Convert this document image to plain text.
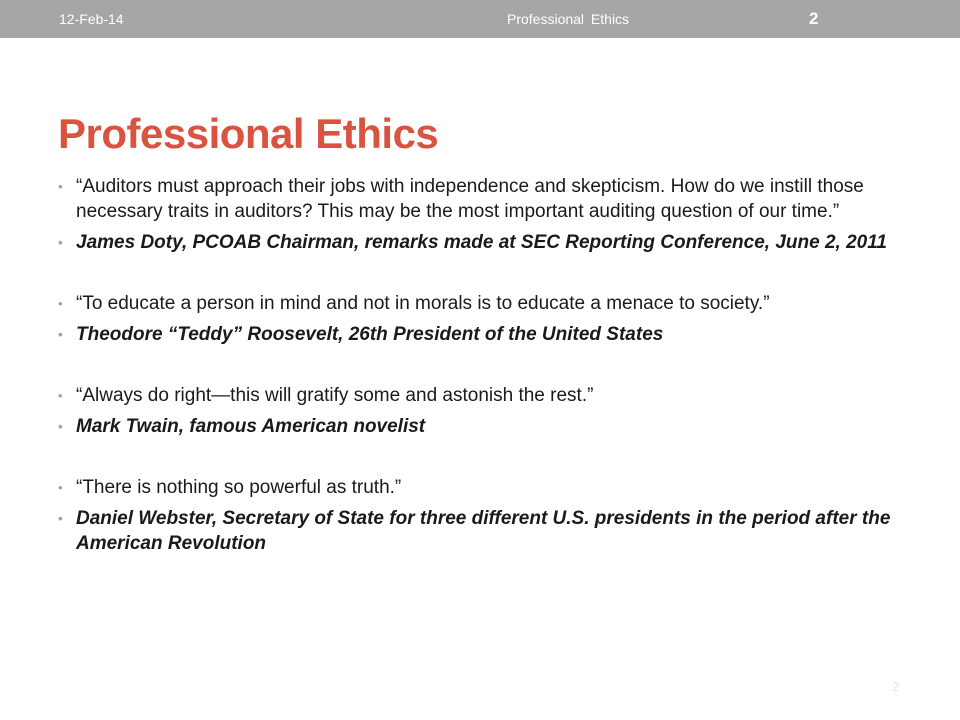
12-Feb-14	Professional Ethics	2
Professional Ethics
• “Auditors must approach their jobs with independence and skepticism. How do we instill those necessary traits in auditors? This may be the most important auditing question of our time.”
• James Doty, PCOAB Chairman, remarks made at SEC Reporting Conference, June 2, 2011
• “To educate a person in mind and not in morals is to educate a menace to society.”
• Theodore “Teddy” Roosevelt, 26th President of the United States
• “Always do right—this will gratify some and astonish the rest.”
• Mark Twain, famous American novelist
• “There is nothing so powerful as truth.”
• Daniel Webster, Secretary of State for three different U.S. presidents in the period after the American Revolution
2
